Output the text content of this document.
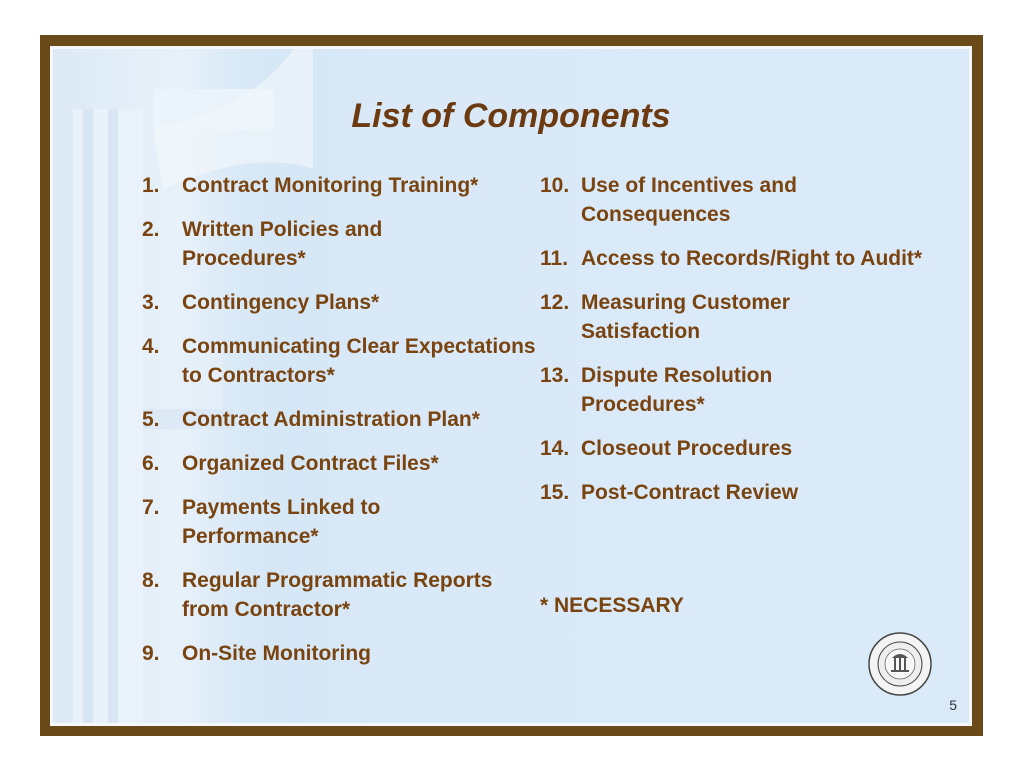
List of Components
1. Contract Monitoring Training*
2. Written Policies and Procedures*
3. Contingency Plans*
4. Communicating Clear Expectations to Contractors*
5. Contract Administration Plan*
6. Organized Contract Files*
7. Payments Linked to Performance*
8. Regular Programmatic Reports from Contractor*
9. On-Site Monitoring
10. Use of Incentives and Consequences
11. Access to Records/Right to Audit*
12. Measuring Customer Satisfaction
13. Dispute Resolution Procedures*
14. Closeout Procedures
15. Post-Contract Review
* NECESSARY
5
